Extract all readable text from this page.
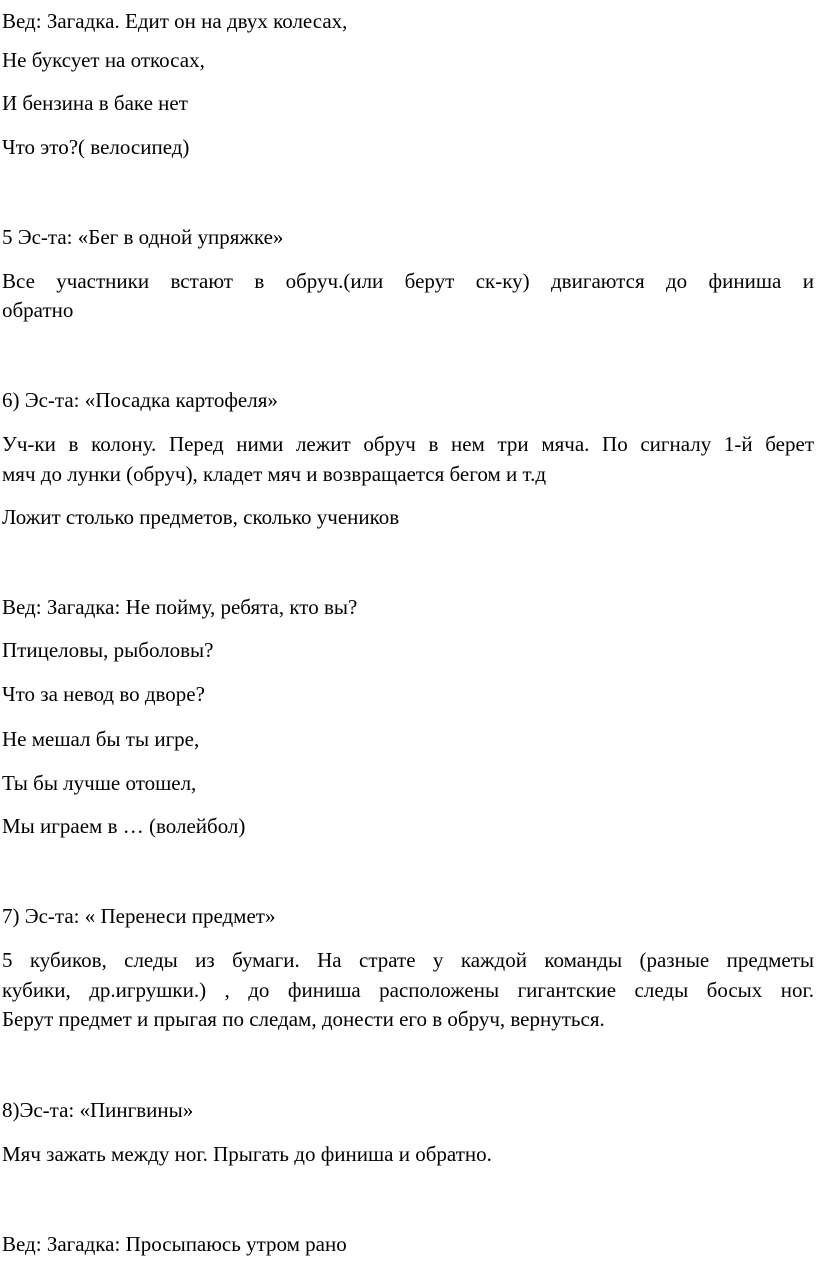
Вед: Загадка. Едит он на двух колесах,
Не буксует на откосах,
И бензина в баке нет
Что это?( велосипед)
5 Эс-та: «Бег в одной упряжке»
Все участники встают в обруч.(или берут ск-ку) двигаются до финиша и
обратно
6) Эс-та: «Посадка картофеля»
Уч-ки в колону. Перед ними лежит обруч в нем три мяча. По сигналу 1-й берет
мяч до лунки (обруч), кладет мяч и возвращается бегом и т.д
Ложит столько предметов, сколько учеников
Вед: Загадка: Не пойму, ребята, кто вы?
Птицеловы, рыболовы?
Что за невод во дворе?
Не мешал бы ты игре,
Ты бы лучше отошел,
Мы играем в … (волейбол)
7) Эс-та: « Перенеси предмет»
5 кубиков, следы из бумаги. На страте у каждой команды (разные предметы
кубики, др.игрушки.) , до финиша расположены гигантские следы босых ног.
Берут предмет и прыгая по следам, донести его в обруч, вернуться.
8)Эс-та: «Пингвины»
Мяч зажать между ног. Прыгать до финиша и обратно.
Вед: Загадка: Просыпаюсь утром рано
